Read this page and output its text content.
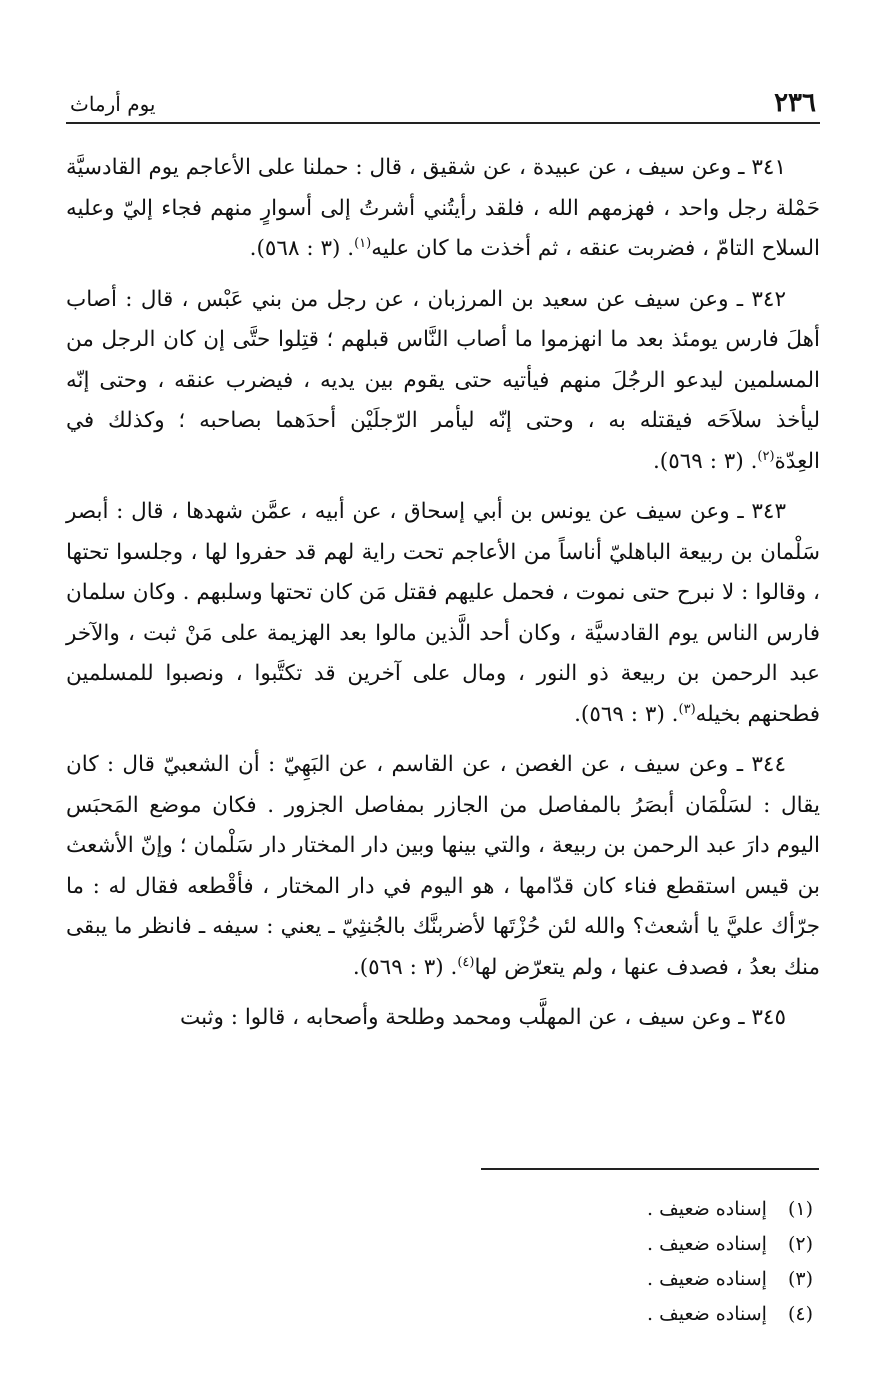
٢٣٦
يوم أرماث

٣٤١ ـ وعن سيف ، عن عبيدة ، عن شقيق ، قال : حملنا على الأعاجم يوم القادسيَّة حَمْلة رجل واحد ، فهزمهم الله ، فلقد رأيتُني أشرتُ إلى أسوارٍ منهم فجاء إليّ وعليه السلاح التامّ ، فضربت عنقه ، ثم أخذت ما كان عليه$^{(١)}$. (٣ : ٥٦٨).

٣٤٢ ـ وعن سيف عن سعيد بن المرزبان ، عن رجل من بني عَبْس ، قال : أصاب أهلَ فارس يومئذ بعد ما انهزموا ما أصاب النَّاس قبلهم ؛ قتِلوا حتَّى إن كان الرجل من المسلمين ليدعو الرجُلَ منهم فيأتيه حتى يقوم بين يديه ، فيضرب عنقه ، وحتى إنّه ليأخذ سلاَحَه فيقتله به ، وحتى إنّه ليأمر الرّجلَيْن أحدَهما بصاحبه ؛ وكذلك في العِدّة$^{(٢)}$. (٣ : ٥٦٩).

٣٤٣ ـ وعن سيف عن يونس بن أبي إسحاق ، عن أبيه ، عمَّن شهدها ، قال : أبصر سَلْمان بن ربيعة الباهليّ أناساً من الأعاجم تحت راية لهم قد حفروا لها ، وجلسوا تحتها ، وقالوا : لا نبرح حتى نموت ، فحمل عليهم فقتل مَن كان تحتها وسلبهم . وكان سلمان فارس الناس يوم القادسيَّة ، وكان أحد الَّذين مالوا بعد الهزيمة على مَنْ ثبت ، والآخر عبد الرحمن بن ربيعة ذو النور ، ومال على آخرين قد تكتَّبوا ، ونصبوا للمسلمين فطحنهم بخيله$^{(٣)}$. (٣ : ٥٦٩).

٣٤٤ ـ وعن سيف ، عن الغصن ، عن القاسم ، عن البَهِيّ : أن الشعبيّ قال : كان يقال : لسَلْمَان أبصَرُ بالمفاصل من الجازر بمفاصل الجزور . فكان موضع المَحبَس اليوم دارَ عبد الرحمن بن ربيعة ، والتي بينها وبين دار المختار دار سَلْمان ؛ وإنّ الأشعث بن قيس استقطع فناء كان قدّامها ، هو اليوم في دار المختار ، فأقْطعه فقال له : ما جرّأك عليَّ يا أشعث؟ والله لئن حُزْتَها لأضربنَّك بالجُنثِيّ ـ يعني : سيفه ـ فانظر ما يبقى منك بعدُ ، فصدف عنها ، ولم يتعرّض لها$^{(٤)}$. (٣ : ٥٦٩).

٣٤٥ ـ وعن سيف ، عن المهلَّب ومحمد وطلحة وأصحابه ، قالوا : وثبت

(١) إسناده ضعيف .
(٢) إسناده ضعيف .
(٣) إسناده ضعيف .
(٤) إسناده ضعيف .
